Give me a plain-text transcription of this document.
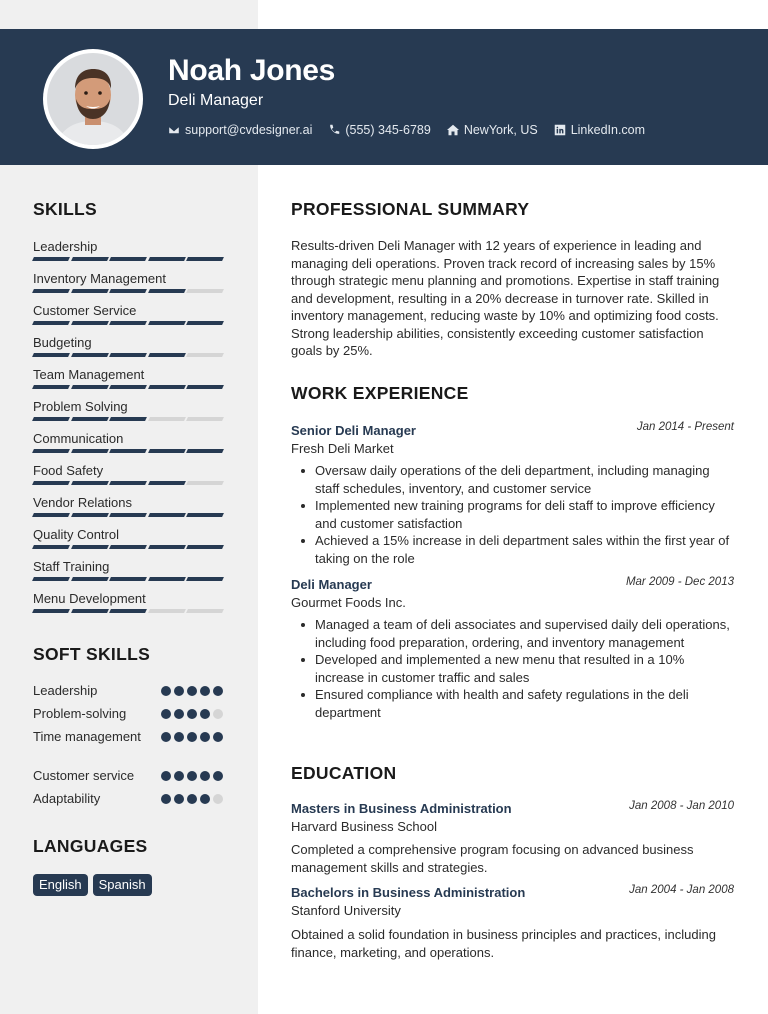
Noah Jones
Deli Manager
support@cvdesigner.ai	(555) 345-6789	NewYork, US	LinkedIn.com
SKILLS
Leadership
Inventory Management
Customer Service
Budgeting
Team Management
Problem Solving
Communication
Food Safety
Vendor Relations
Quality Control
Staff Training
Menu Development
SOFT SKILLS
Leadership
Problem-solving
Time management
Customer service
Adaptability
LANGUAGES
English	Spanish
PROFESSIONAL SUMMARY
Results-driven Deli Manager with 12 years of experience in leading and managing deli operations. Proven track record of increasing sales by 15% through strategic menu planning and promotions. Expertise in staff training and development, resulting in a 20% decrease in turnover rate. Skilled in inventory management, reducing waste by 10% and optimizing food costs. Strong leadership abilities, consistently exceeding customer satisfaction goals by 25%.
WORK EXPERIENCE
Senior Deli Manager	Jan 2014 - Present
Fresh Deli Market
Oversaw daily operations of the deli department, including managing staff schedules, inventory, and customer service
Implemented new training programs for deli staff to improve efficiency and customer satisfaction
Achieved a 15% increase in deli department sales within the first year of taking on the role
Deli Manager	Mar 2009 - Dec 2013
Gourmet Foods Inc.
Managed a team of deli associates and supervised daily deli operations, including food preparation, ordering, and inventory management
Developed and implemented a new menu that resulted in a 10% increase in customer traffic and sales
Ensured compliance with health and safety regulations in the deli department
EDUCATION
Masters in Business Administration	Jan 2008 - Jan 2010
Harvard Business School
Completed a comprehensive program focusing on advanced business management skills and strategies.
Bachelors in Business Administration	Jan 2004 - Jan 2008
Stanford University
Obtained a solid foundation in business principles and practices, including finance, marketing, and operations.
